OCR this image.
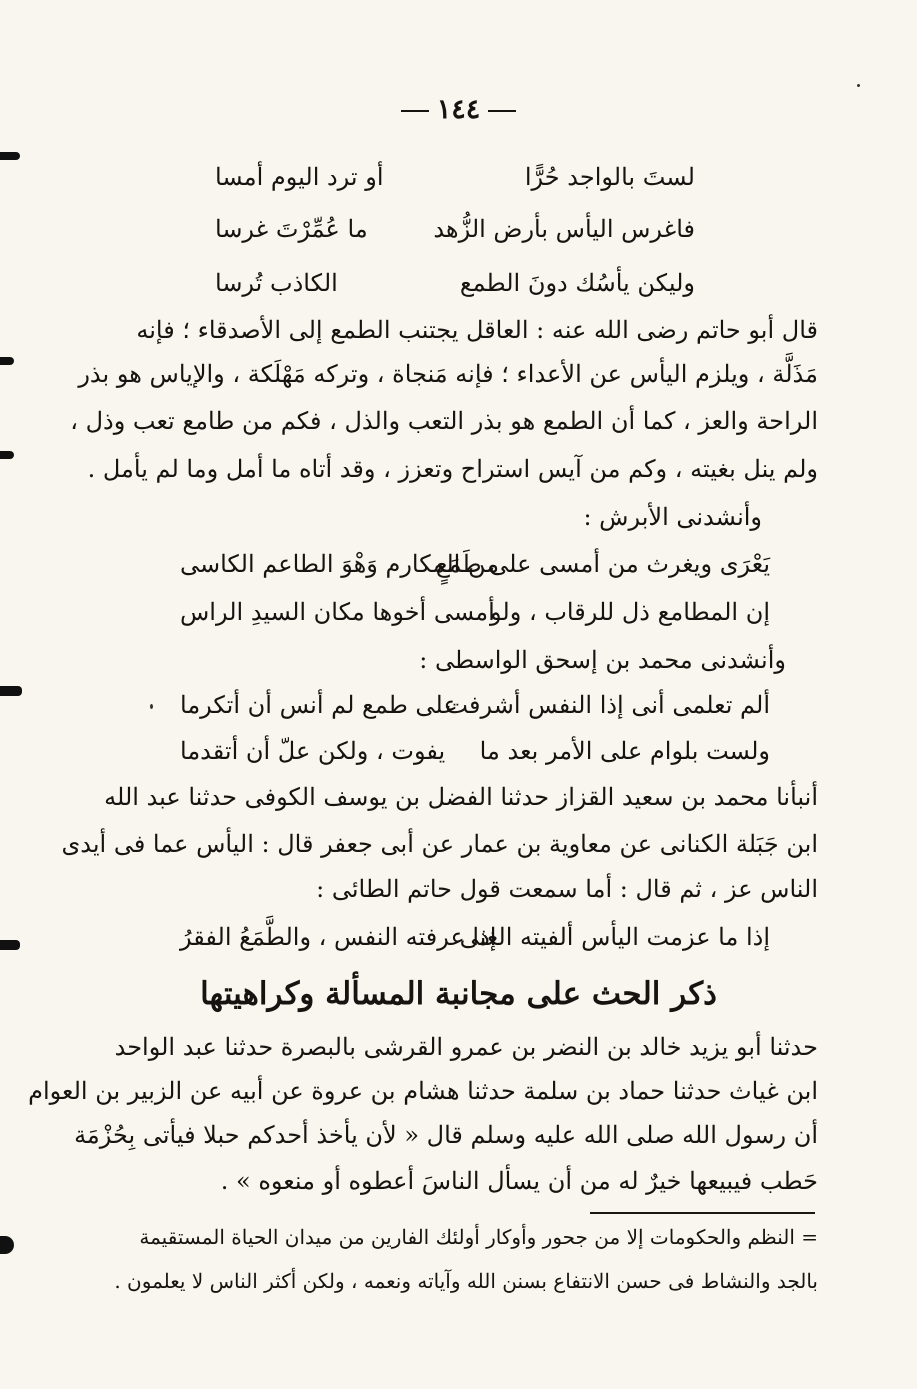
١٤٤
لستَ بالواجد حُرًّا
أو ترد اليوم أمسا
فاغرس اليأس بأرض الزُّهد
ما عُمِّرْتَ غرسا
وليكن يأسُك دونَ الطمع
الكاذب تُرسا
قال أبو حاتم رضى الله عنه : العاقل يجتنب الطمع إلى الأصدقاء ؛ فإنه
مَذَلَّة ، ويلزم اليأس عن الأعداء ؛ فإنه مَنجاة ، وتركه مَهْلَكة ، والإياس هو بذر
الراحة والعز ، كما أن الطمع هو بذر التعب والذل ، فكم من طامع تعب وذل ،
ولم ينل بغيته ، وكم من آيس استراح وتعزز ، وقد أتاه ما أمل وما لم يأمل .
وأنشدنى الأبرش :
يَعْرَى ويغرث من أمسى على طَمَعٍ
من المكارم وَهْوَ الطاعم الكاسى
إن المطامع ذل للرقاب ، ولو
أمسى أخوها مكان السيدِ الراس
وأنشدنى محمد بن إسحق الواسطى :
ألم تعلمى أنى إذا النفس أشرفت
على طمع لم أنس أن أتكرما
ولست بلوام على الأمر بعد ما
يفوت ، ولكن علّ أن أتقدما
أنبأنا محمد بن سعيد القزاز حدثنا الفضل بن يوسف الكوفى حدثنا عبد الله
ابن جَبَلة الكنانى عن معاوية بن عمار عن أبى جعفر قال : اليأس عما فى أيدى
الناس عز ، ثم قال : أما سمعت قول حاتم الطائى :
إذا ما عزمت اليأس ألفيته الغنى
إذا عرفته النفس ، والطَّمَعُ الفقرُ
ذكر الحث على مجانبة المسألة وكراهيتها
حدثنا أبو يزيد خالد بن النضر بن عمرو القرشى بالبصرة حدثنا عبد الواحد
ابن غياث حدثنا حماد بن سلمة حدثنا هشام بن عروة عن أبيه عن الزبير بن العوام
أن رسول الله صلى الله عليه وسلم قال « لأن يأخذ أحدكم حبلا فيأتى بِحُزْمَة
حَطب فيبيعها خيرٌ له من أن يسأل الناسَ أعطوه أو منعوه » .
= النظم والحكومات إلا من جحور وأوكار أولئك الفارين من ميدان الحياة المستقيمة
بالجد والنشاط فى حسن الانتفاع بسنن الله وآياته ونعمه ، ولكن أكثر الناس لا يعلمون .
